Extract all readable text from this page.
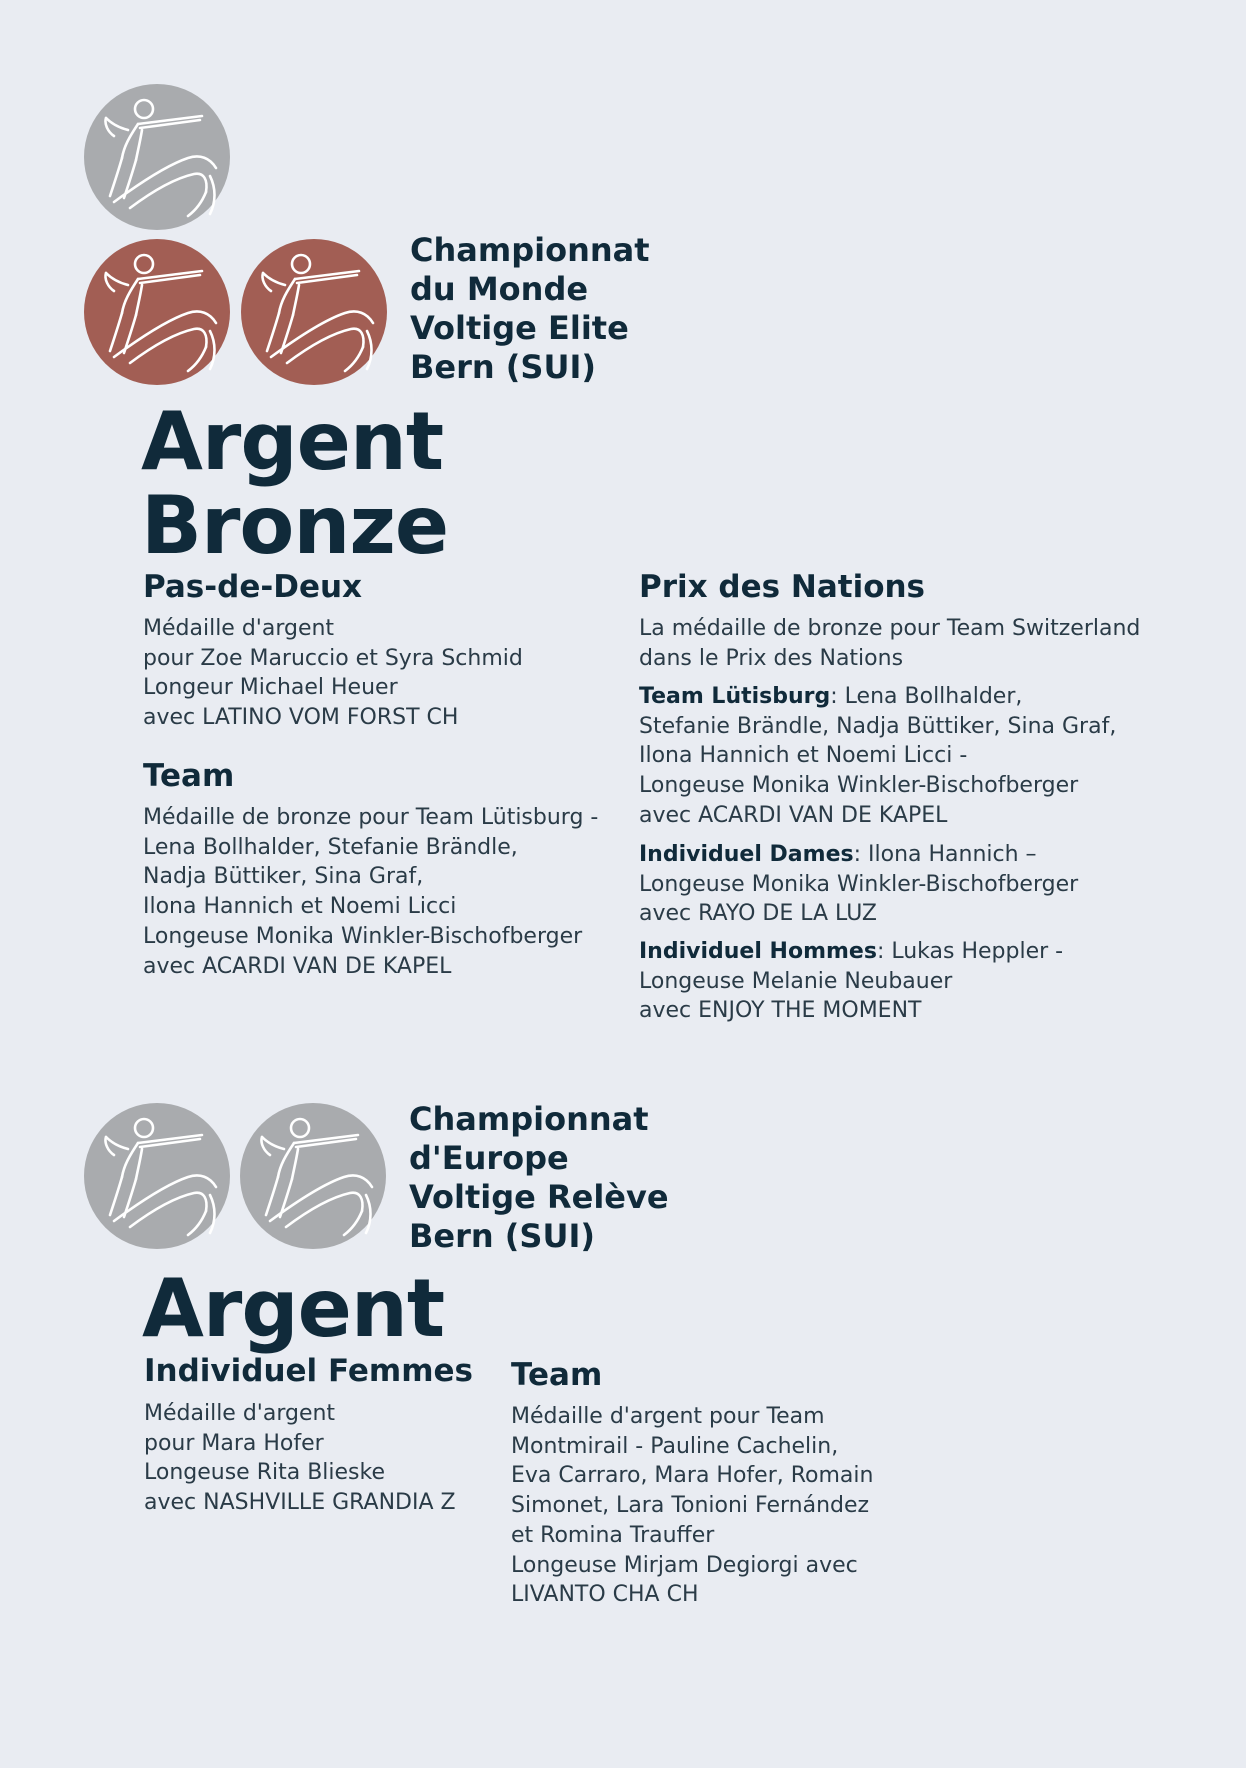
Championnat
du Monde
Voltige Elite
Bern (SUI)
Argent
Bronze
Pas-de-Deux
Médaille d'argent
pour Zoe Maruccio et Syra Schmid
Longeur Michael Heuer
avec LATINO VOM FORST CH
Team
Médaille de bronze pour Team Lütisburg -
Lena Bollhalder, Stefanie Brändle,
Nadja Büttiker, Sina Graf,
Ilona Hannich et Noemi Licci
Longeuse Monika Winkler-Bischofberger
avec ACARDI VAN DE KAPEL
Prix des Nations
La médaille de bronze pour Team Switzerland
dans le Prix des Nations
Team Lütisburg: Lena Bollhalder,
Stefanie Brändle, Nadja Büttiker, Sina Graf,
Ilona Hannich et Noemi Licci -
Longeuse Monika Winkler-Bischofberger
avec ACARDI VAN DE KAPEL
Individuel Dames: Ilona Hannich –
Longeuse Monika Winkler-Bischofberger
avec RAYO DE LA LUZ
Individuel Hommes: Lukas Heppler -
Longeuse Melanie Neubauer
avec ENJOY THE MOMENT
Championnat
d'Europe
Voltige Relève
Bern (SUI)
Argent
Individuel Femmes
Médaille d'argent
pour Mara Hofer
Longeuse Rita Blieske
avec NASHVILLE GRANDIA Z
Team
Médaille d'argent pour Team
Montmirail - Pauline Cachelin,
Eva Carraro, Mara Hofer, Romain
Simonet, Lara Tonioni Fernández
et Romina Trauffer
Longeuse Mirjam Degiorgi avec
LIVANTO CHA CH
